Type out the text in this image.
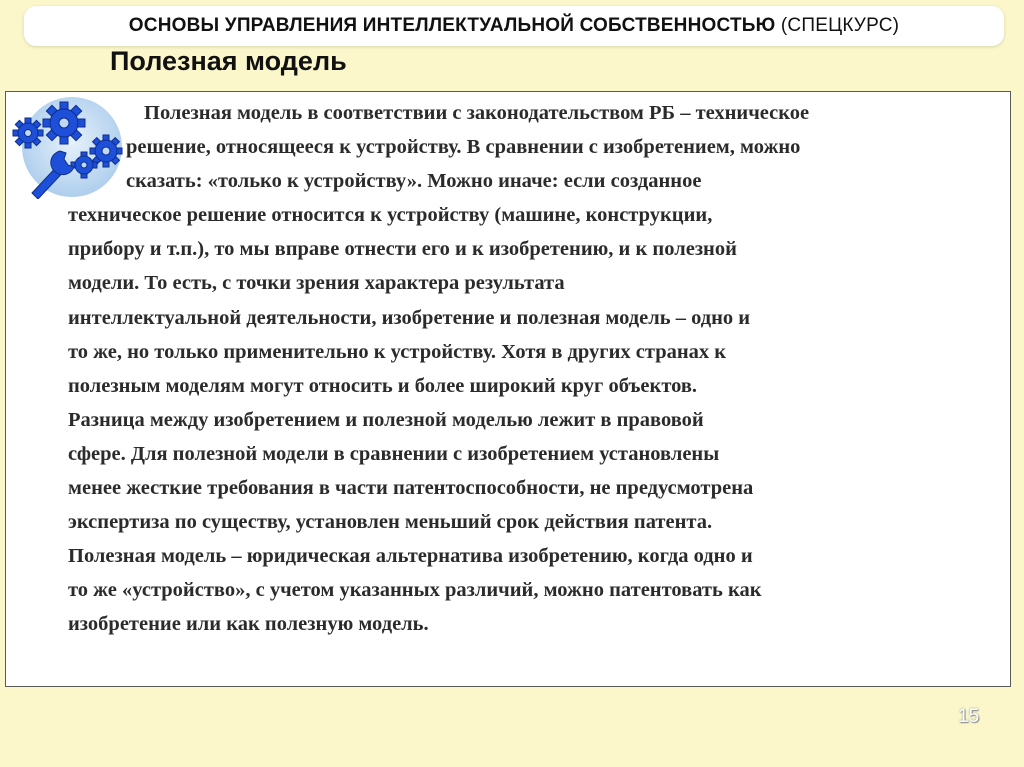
ОСНОВЫ УПРАВЛЕНИЯ ИНТЕЛЛЕКТУАЛЬНОЙ СОБСТВЕННОСТЬЮ (СПЕЦКУРС)
Полезная модель
Полезная модель в соответствии с законодательством РБ – техническое
решение, относящееся к устройству. В сравнении с изобретением, можно
сказать: «только к устройству». Можно иначе: если созданное
техническое решение относится к устройству (машине, конструкции,
прибору и т.п.), то мы вправе отнести его и к изобретению, и к полезной
модели. То есть, с точки зрения характера результата
интеллектуальной деятельности, изобретение и полезная модель – одно и
то же, но только применительно к устройству. Хотя в других странах к
полезным моделям могут относить и более широкий круг объектов.
Разница между изобретением и полезной моделью лежит в правовой
сфере. Для полезной модели в сравнении с изобретением установлены
менее жесткие требования в части патентоспособности, не предусмотрена
экспертиза по существу, установлен меньший срок действия патента.
Полезная модель – юридическая альтернатива изобретению, когда одно и
то же «устройство», с учетом указанных различий, можно патентовать как
изобретение или как полезную модель.
15
